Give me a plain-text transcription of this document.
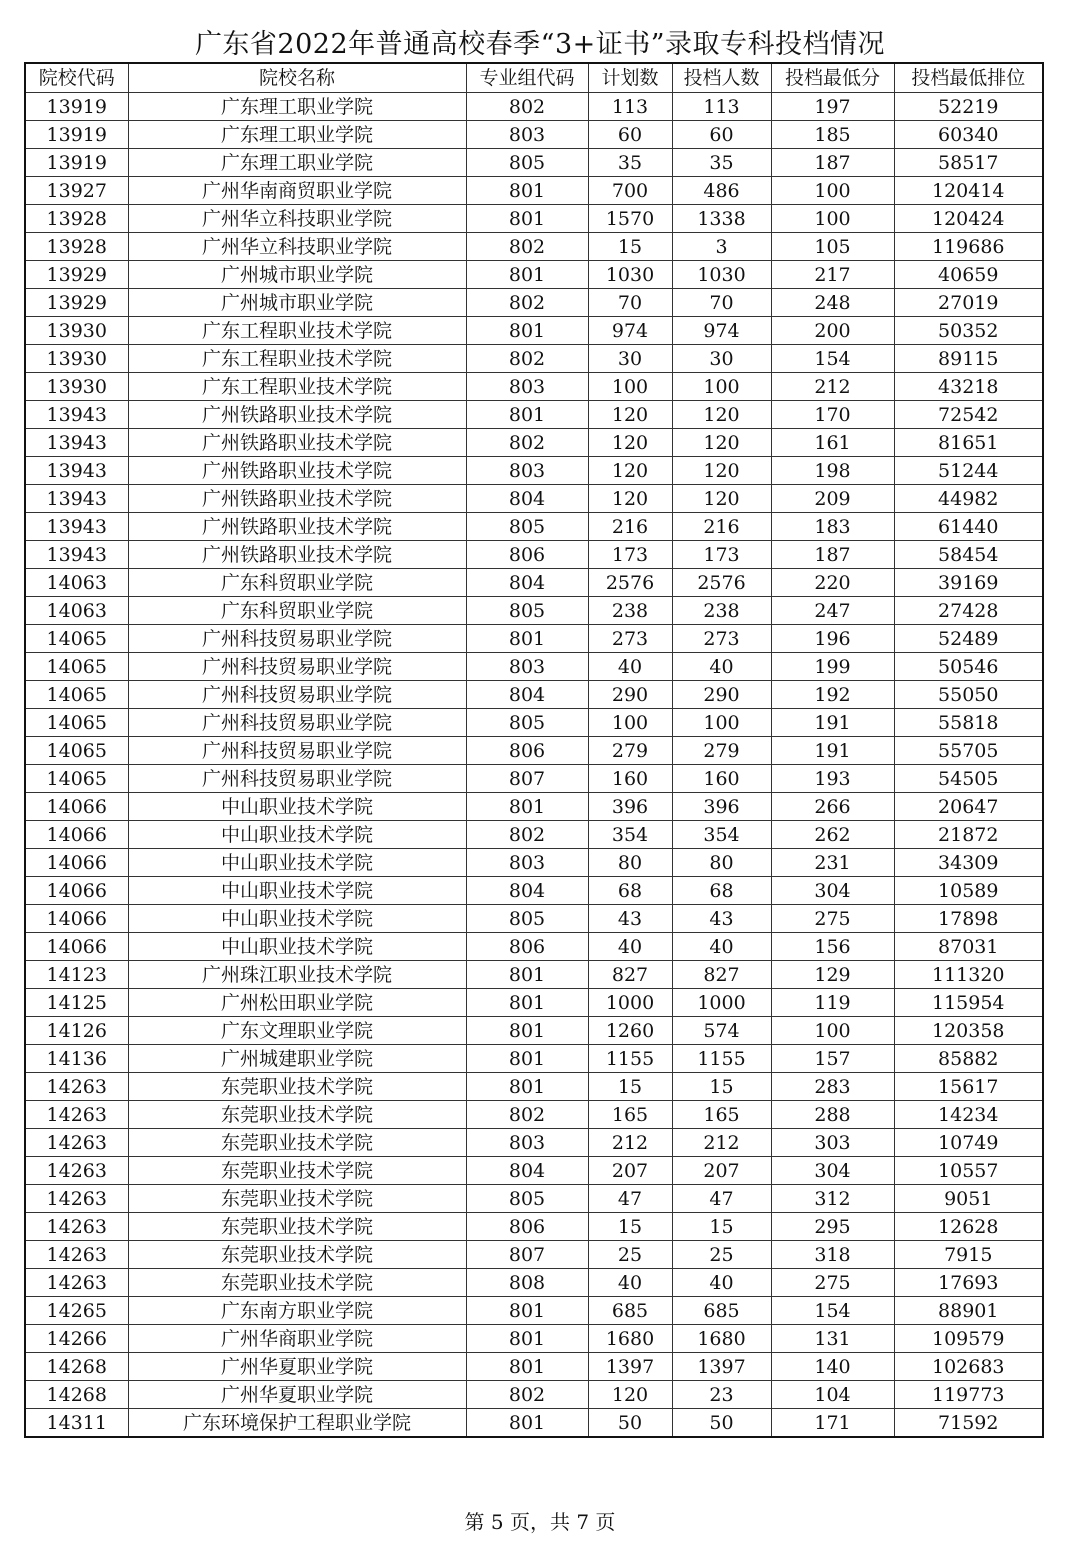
广东省2022年普通高校春季“3+证书”录取专科投档情况
院校代码	院校名称	专业组代码	计划数	投档人数	投档最低分	投档最低排位
13919	广东理工职业学院	802	113	113	197	52219
13919	广东理工职业学院	803	60	60	185	60340
13919	广东理工职业学院	805	35	35	187	58517
13927	广州华南商贸职业学院	801	700	486	100	120414
13928	广州华立科技职业学院	801	1570	1338	100	120424
13928	广州华立科技职业学院	802	15	3	105	119686
13929	广州城市职业学院	801	1030	1030	217	40659
13929	广州城市职业学院	802	70	70	248	27019
13930	广东工程职业技术学院	801	974	974	200	50352
13930	广东工程职业技术学院	802	30	30	154	89115
13930	广东工程职业技术学院	803	100	100	212	43218
13943	广州铁路职业技术学院	801	120	120	170	72542
13943	广州铁路职业技术学院	802	120	120	161	81651
13943	广州铁路职业技术学院	803	120	120	198	51244
13943	广州铁路职业技术学院	804	120	120	209	44982
13943	广州铁路职业技术学院	805	216	216	183	61440
13943	广州铁路职业技术学院	806	173	173	187	58454
14063	广东科贸职业学院	804	2576	2576	220	39169
14063	广东科贸职业学院	805	238	238	247	27428
14065	广州科技贸易职业学院	801	273	273	196	52489
14065	广州科技贸易职业学院	803	40	40	199	50546
14065	广州科技贸易职业学院	804	290	290	192	55050
14065	广州科技贸易职业学院	805	100	100	191	55818
14065	广州科技贸易职业学院	806	279	279	191	55705
14065	广州科技贸易职业学院	807	160	160	193	54505
14066	中山职业技术学院	801	396	396	266	20647
14066	中山职业技术学院	802	354	354	262	21872
14066	中山职业技术学院	803	80	80	231	34309
14066	中山职业技术学院	804	68	68	304	10589
14066	中山职业技术学院	805	43	43	275	17898
14066	中山职业技术学院	806	40	40	156	87031
14123	广州珠江职业技术学院	801	827	827	129	111320
14125	广州松田职业学院	801	1000	1000	119	115954
14126	广东文理职业学院	801	1260	574	100	120358
14136	广州城建职业学院	801	1155	1155	157	85882
14263	东莞职业技术学院	801	15	15	283	15617
14263	东莞职业技术学院	802	165	165	288	14234
14263	东莞职业技术学院	803	212	212	303	10749
14263	东莞职业技术学院	804	207	207	304	10557
14263	东莞职业技术学院	805	47	47	312	9051
14263	东莞职业技术学院	806	15	15	295	12628
14263	东莞职业技术学院	807	25	25	318	7915
14263	东莞职业技术学院	808	40	40	275	17693
14265	广东南方职业学院	801	685	685	154	88901
14266	广州华商职业学院	801	1680	1680	131	109579
14268	广州华夏职业学院	801	1397	1397	140	102683
14268	广州华夏职业学院	802	120	23	104	119773
14311	广东环境保护工程职业学院	801	50	50	171	71592
第 5 页，共 7 页
